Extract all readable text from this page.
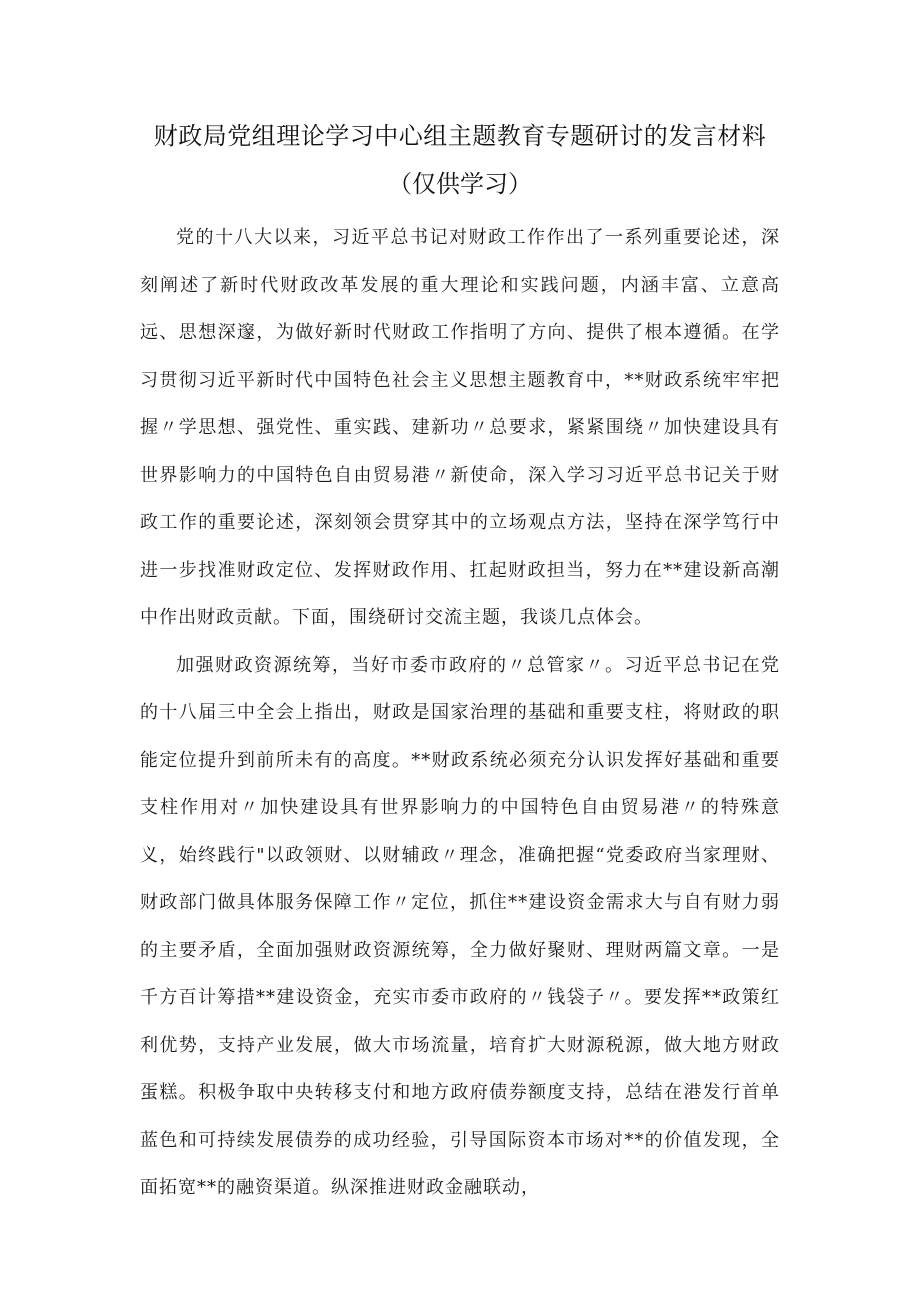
财政局党组理论学习中心组主题教育专题研讨的发言材料
（仅供学习）

党的十八大以来，习近平总书记对财政工作作出了一系列重要论述，深刻阐述了新时代财政改革发展的重大理论和实践问题，内涵丰富、立意高远、思想深邃，为做好新时代财政工作指明了方向、提供了根本遵循。在学习贯彻习近平新时代中国特色社会主义思想主题教育中，**财政系统牢牢把握〃学思想、强党性、重实践、建新功〃总要求，紧紧围绕〃加快建设具有世界影响力的中国特色自由贸易港〃新使命，深入学习习近平总书记关于财政工作的重要论述，深刻领会贯穿其中的立场观点方法，坚持在深学笃行中进一步找准财政定位、发挥财政作用、扛起财政担当，努力在**建设新高潮中作出财政贡献。下面，围绕研讨交流主题，我谈几点体会。

加强财政资源统筹，当好市委市政府的〃总管家〃。习近平总书记在党的十八届三中全会上指出，财政是国家治理的基础和重要支柱，将财政的职能定位提升到前所未有的高度。**财政系统必须充分认识发挥好基础和重要支柱作用对〃加快建设具有世界影响力的中国特色自由贸易港〃的特殊意义，始终践行"以政领财、以财辅政〃理念，准确把握“党委政府当家理财、财政部门做具体服务保障工作〃定位，抓住**建设资金需求大与自有财力弱的主要矛盾，全面加强财政资源统筹，全力做好聚财、理财两篇文章。一是千方百计筹措**建设资金，充实市委市政府的〃钱袋子〃。要发挥**政策红利优势，支持产业发展，做大市场流量，培育扩大财源税源，做大地方财政蛋糕。积极争取中央转移支付和地方政府债券额度支持，总结在港发行首单蓝色和可持续发展债券的成功经验，引导国际资本市场对**的价值发现，全面拓宽**的融资渠道。纵深推进财政金融联动，
